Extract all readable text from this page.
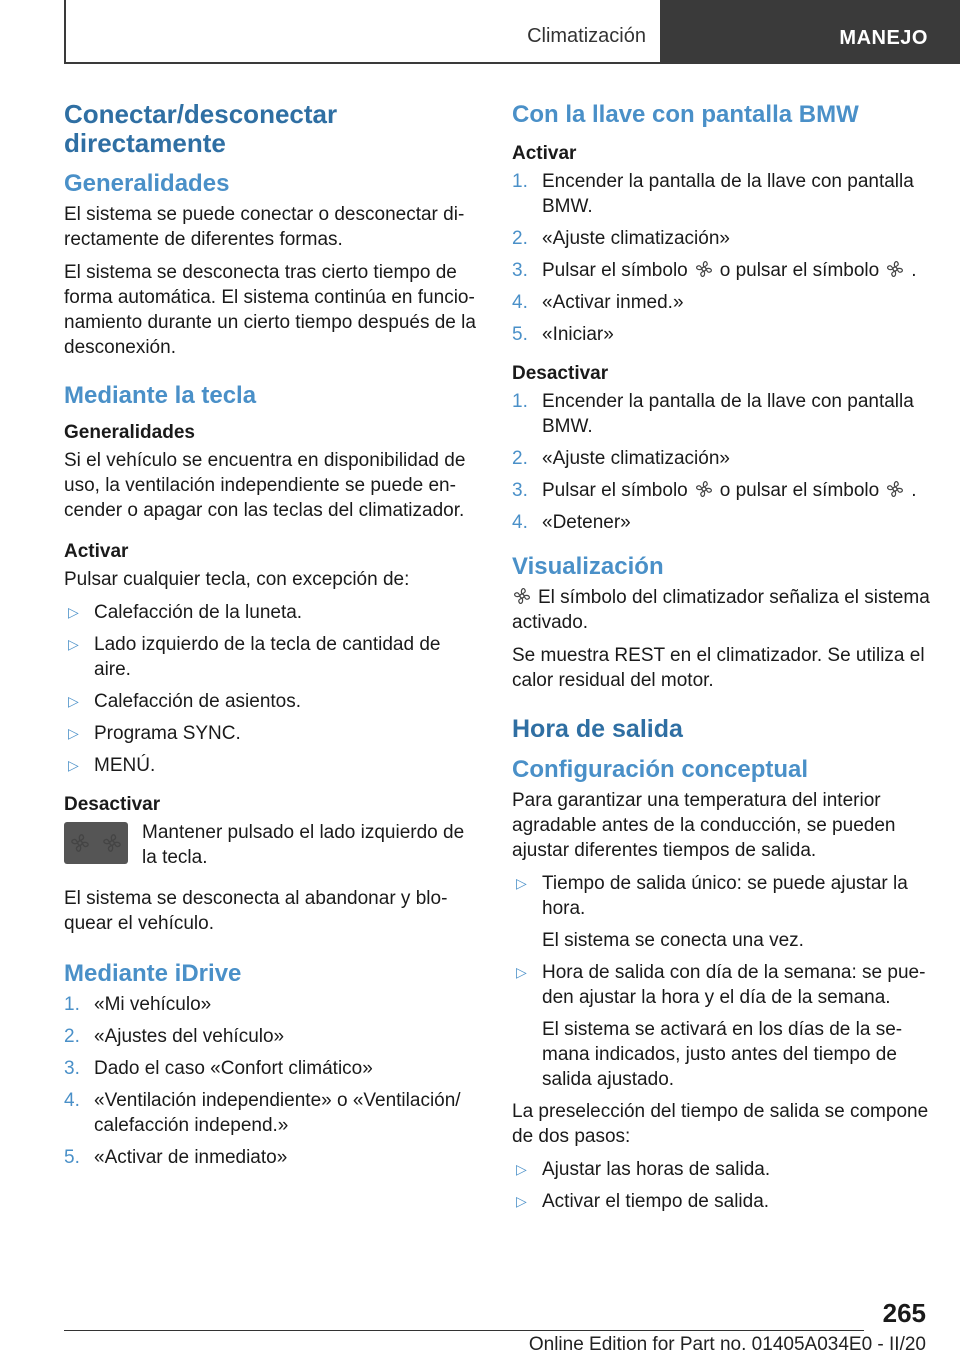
Climatización	MANEJO
Conectar/desconectar directamente
Generalidades

El sistema se puede conectar o desconectar directamente de diferentes formas.

El sistema se desconecta tras cierto tiempo de forma automática. El sistema continúa en funcionamiento durante un cierto tiempo después de la desconexión.

Mediante la tecla
Generalidades

Si el vehículo se encuentra en disponibilidad de uso, la ventilación independiente se puede encender o apagar con las teclas del climatizador.

Activar

Pulsar cualquier tecla, con excepción de:

▷ Calefacción de la luneta.
▷ Lado izquierdo de la tecla de cantidad de aire.
▷ Calefacción de asientos.
▷ Programa SYNC.
▷ MENÚ.
Desactivar

Mantener pulsado el lado izquierdo de la tecla.

El sistema se desconecta al abandonar y bloquear el vehículo.

Mediante iDrive
1. «Mi vehículo»
2. «Ajustes del vehículo»
3. Dado el caso «Confort climático»
4. «Ventilación independiente» o «Ventilación/ calefacción independ.»
5. «Activar de inmediato»
Con la llave con pantalla BMW
Activar
1. Encender la pantalla de la llave con pantalla BMW.
2. «Ajuste climatización»
3. Pulsar el símbolo o pulsar el símbolo .
4. «Activar inmed.»
5. «Iniciar»
Desactivar
1. Encender la pantalla de la llave con pantalla BMW.
2. «Ajuste climatización»
3. Pulsar el símbolo o pulsar el símbolo .
4. «Detener»
Visualización

El símbolo del climatizador señaliza el sistema activado.

Se muestra REST en el climatizador. Se utiliza el calor residual del motor.

Hora de salida
Configuración conceptual

Para garantizar una temperatura del interior agradable antes de la conducción, se pueden ajustar diferentes tiempos de salida.

▷ Tiempo de salida único: se puede ajustar la hora.
El sistema se conecta una vez.
▷ Hora de salida con día de la semana: se pueden ajustar la hora y el día de la semana.
El sistema se activará en los días de la semana indicados, justo antes del tiempo de salida ajustado.

La preselección del tiempo de salida se compone de dos pasos:

▷ Ajustar las horas de salida.
▷ Activar el tiempo de salida.
265
Online Edition for Part no. 01405A034E0 - II/20
